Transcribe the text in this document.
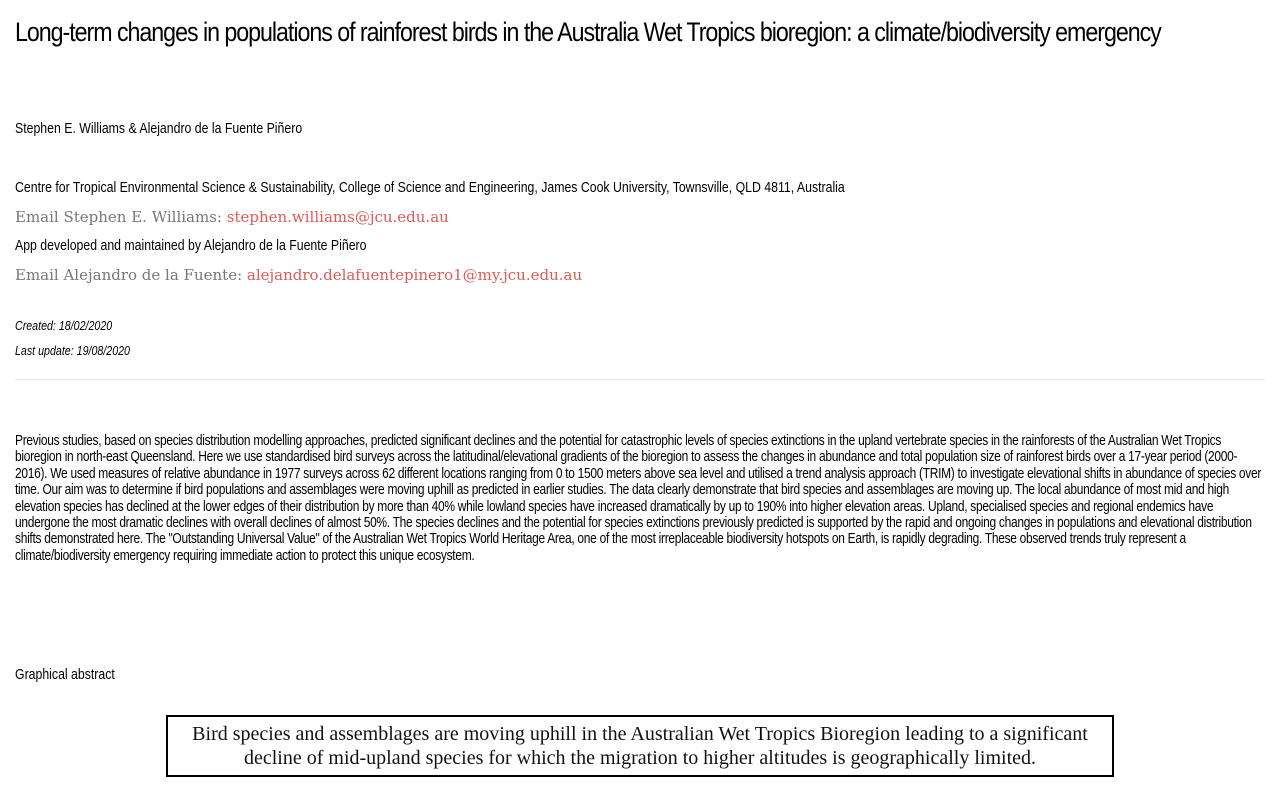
Long-term changes in populations of rainforest birds in the Australia Wet Tropics bioregion: a climate/biodiversity emergency
Stephen E. Williams & Alejandro de la Fuente Piñero
Centre for Tropical Environmental Science & Sustainability, College of Science and Engineering, James Cook University, Townsville, QLD 4811, Australia
Email Stephen E. Williams: stephen.williams@jcu.edu.au
App developed and maintained by Alejandro de la Fuente Piñero
Email Alejandro de la Fuente: alejandro.delafuentepinero1@my.jcu.edu.au
Created: 18/02/2020
Last update: 19/08/2020

Previous studies, based on species distribution modelling approaches, predicted significant declines and the potential for catastrophic levels of species extinctions in the upland vertebrate species in the rainforests of the Australian Wet Tropics bioregion in north-east Queensland. Here we use standardised bird surveys across the latitudinal/elevational gradients of the bioregion to assess the changes in abundance and total population size of rainforest birds over a 17-year period (2000-2016). We used measures of relative abundance in 1977 surveys across 62 different locations ranging from 0 to 1500 meters above sea level and utilised a trend analysis approach (TRIM) to investigate elevational shifts in abundance of species over time. Our aim was to determine if bird populations and assemblages were moving uphill as predicted in earlier studies. The data clearly demonstrate that bird species and assemblages are moving up. The local abundance of most mid and high elevation species has declined at the lower edges of their distribution by more than 40% while lowland species have increased dramatically by up to 190% into higher elevation areas. Upland, specialised species and regional endemics have undergone the most dramatic declines with overall declines of almost 50%. The species declines and the potential for species extinctions previously predicted is supported by the rapid and ongoing changes in populations and elevational distribution shifts demonstrated here. The "Outstanding Universal Value" of the Australian Wet Tropics World Heritage Area, one of the most irreplaceable biodiversity hotspots on Earth, is rapidly degrading. These observed trends truly represent a climate/biodiversity emergency requiring immediate action to protect this unique ecosystem.

Graphical abstract

Bird species and assemblages are moving uphill in the Australian Wet Tropics Bioregion leading to a significant decline of mid-upland species for which the migration to higher altitudes is geographically limited.
